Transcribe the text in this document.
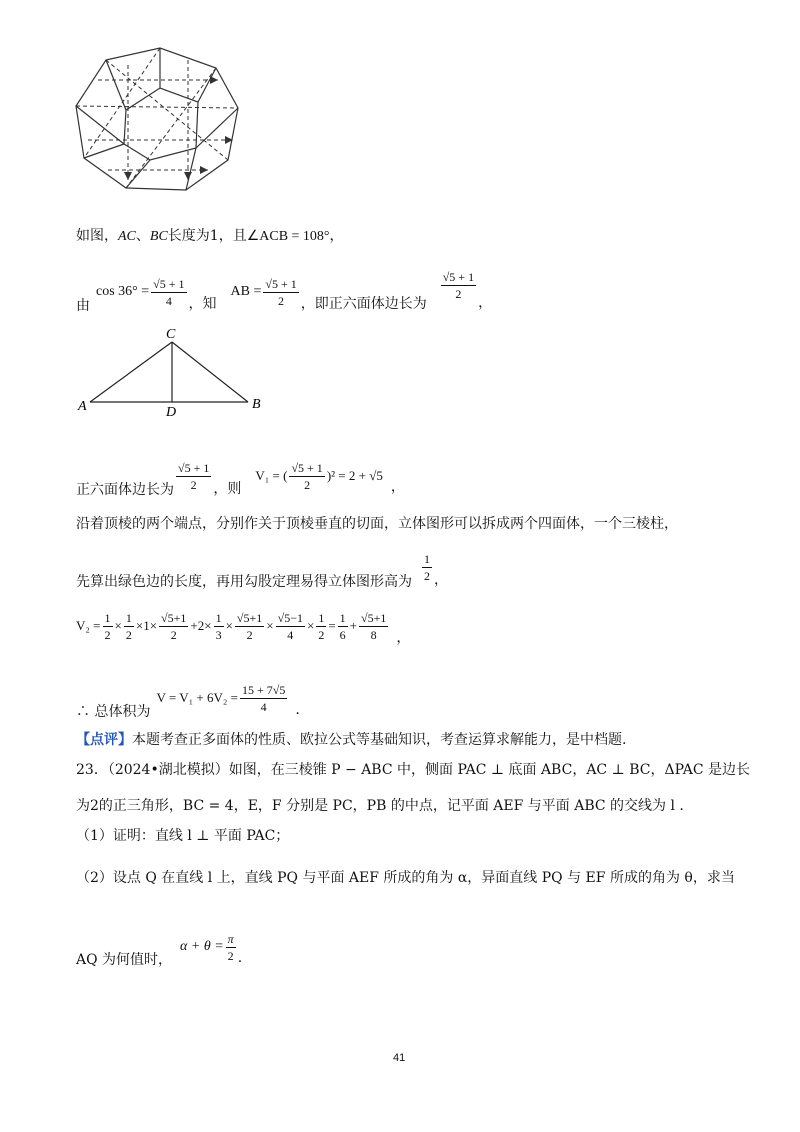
如图，AC、BC长度为1，且∠ACB = 108°，
由
$\cos 36^\circ = \frac{√5 + 1}{4}$ ，知
AB = $\frac{√5 + 1}{2}$ ，即正六面体边长为
$\frac{√5 + 1}{2}$
，
A	B
C
D
正六面体边长为 $\frac{√5 + 1}{2}$ ，则
V₁ = ( $\frac{√5 + 1}{2} )^2 = 2 + √5$
，
沿着顶棱的两个端点，分别作关于顶棱垂直的切面，立体图形可以拆成两个四面体，一个三棱柱，
先算出绿色边的长度，再用勾股定理易得立体图形高为 $\frac{1}{2}$ ，
$V_2 = \frac{1}{2} \times \frac{1}{2} \times 1\times \frac{√5+1}{2} +2\times \frac{1}{3} \times \frac{√5+1}{2} \times \frac{√5-1}{4} \times \frac{1}{2} = \frac{1}{6} + \frac{√5+1}{8}$ ，
∴ 总体积为
$V = V_1 + 6V_2 = \frac{15 + 7√5}{4}$ .
【点评】本题考查正多面体的性质、欧拉公式等基础知识，考查运算求解能力，是中档题.
23．（2024•湖北模拟）如图，在三棱锥 P − ABC 中，侧面 PAC ⊥ 底面 ABC，AC ⊥ BC，ΔPAC 是边长
为2的正三角形，BC = 4，E，F 分别是 PC，PB 的中点，记平面 AEF 与平面 ABC 的交线为 l .
（1）证明：直线 l ⊥ 平面 PAC；
（2）设点 Q 在直线 l 上，直线 PQ 与平面 AEF 所成的角为 α，异面直线 PQ 与 EF 所成的角为 θ，求当
AQ 为何值时，
$\alpha + \theta = \frac{\pi}{2}$ .
41
